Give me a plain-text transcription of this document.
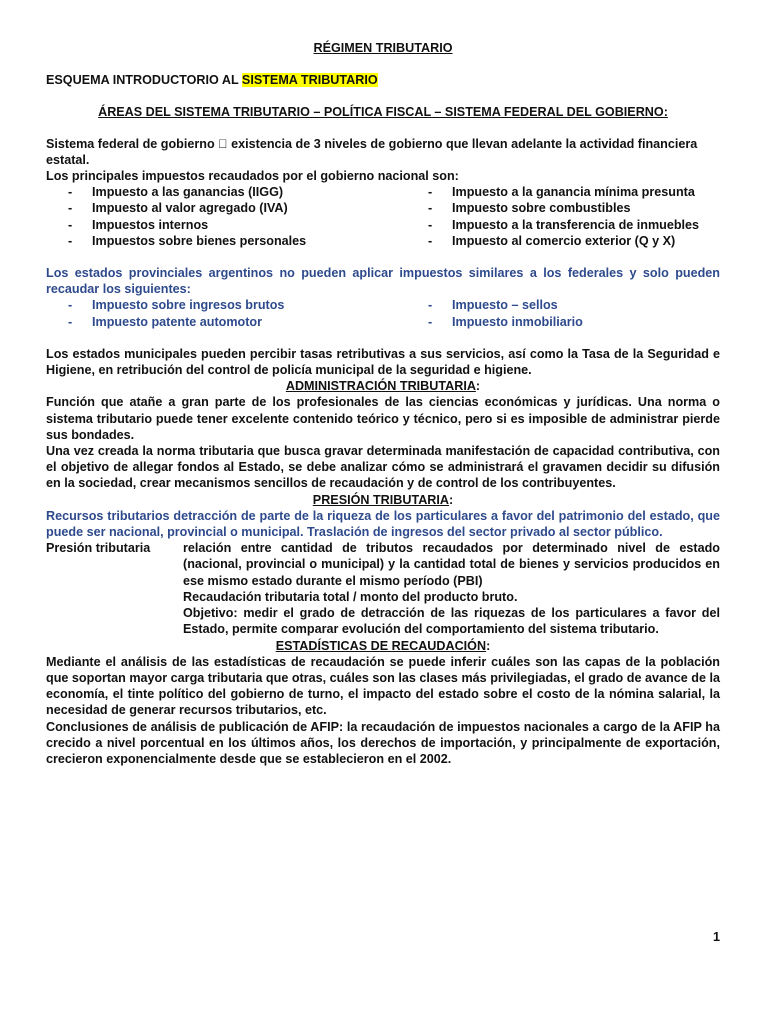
RÉGIMEN TRIBUTARIO
ESQUEMA INTRODUCTORIO AL SISTEMA TRIBUTARIO
ÁREAS DEL SISTEMA TRIBUTARIO – POLÍTICA FISCAL – SISTEMA FEDERAL DEL GOBIERNO:
Sistema federal de gobierno existencia de 3 niveles de gobierno que llevan adelante la actividad financiera estatal.
Los principales impuestos recaudados por el gobierno nacional son:
-	Impuesto a las ganancias (IIGG)
-	Impuesto al valor agregado (IVA)
-	Impuestos internos
-	Impuestos sobre bienes personales
-	Impuesto a la ganancia mínima presunta
-	Impuesto sobre combustibles
-	Impuesto a la transferencia de inmuebles
-	Impuesto al comercio exterior (Q y X)
Los estados provinciales argentinos no pueden aplicar impuestos similares a los federales y solo pueden recaudar los siguientes:
-	Impuesto sobre ingresos brutos
-	Impuesto patente automotor
-	Impuesto – sellos
-	Impuesto inmobiliario
Los estados municipales pueden percibir tasas retributivas a sus servicios, así como la Tasa de la Seguridad e Higiene, en retribución del control de policía municipal de la seguridad e higiene.
ADMINISTRACIÓN TRIBUTARIA:
Función que atañe a gran parte de los profesionales de las ciencias económicas y jurídicas. Una norma o sistema tributario puede tener excelente contenido teórico y técnico, pero si es imposible de administrar pierde sus bondades.
Una vez creada la norma tributaria que busca gravar determinada manifestación de capacidad contributiva, con el objetivo de allegar fondos al Estado, se debe analizar cómo se administrará el gravamen decidir su difusión en la sociedad, crear mecanismos sencillos de recaudación y de control de los contribuyentes.
PRESIÓN TRIBUTARIA:
Recursos tributarios detracción de parte de la riqueza de los particulares a favor del patrimonio del estado, que puede ser nacional, provincial o municipal. Traslación de ingresos del sector privado al sector público.
Presión tributaria	relación entre cantidad de tributos recaudados por determinado nivel de estado (nacional, provincial o municipal) y la cantidad total de bienes y servicios producidos en ese mismo estado durante el mismo período (PBI)
Recaudación tributaria total / monto del producto bruto.
Objetivo: medir el grado de detracción de las riquezas de los particulares a favor del Estado, permite comparar evolución del comportamiento del sistema tributario.
ESTADÍSTICAS DE RECAUDACIÓN:
Mediante el análisis de las estadísticas de recaudación se puede inferir cuáles son las capas de la población que soportan mayor carga tributaria que otras, cuáles son las clases más privilegiadas, el grado de avance de la economía, el tinte político del gobierno de turno, el impacto del estado sobre el costo de la nómina salarial, la necesidad de generar recursos tributarios, etc.
Conclusiones de análisis de publicación de AFIP: la recaudación de impuestos nacionales a cargo de la AFIP ha crecido a nivel porcentual en los últimos años, los derechos de importación, y principalmente de exportación, crecieron exponencialmente desde que se establecieron en el 2002.
1
